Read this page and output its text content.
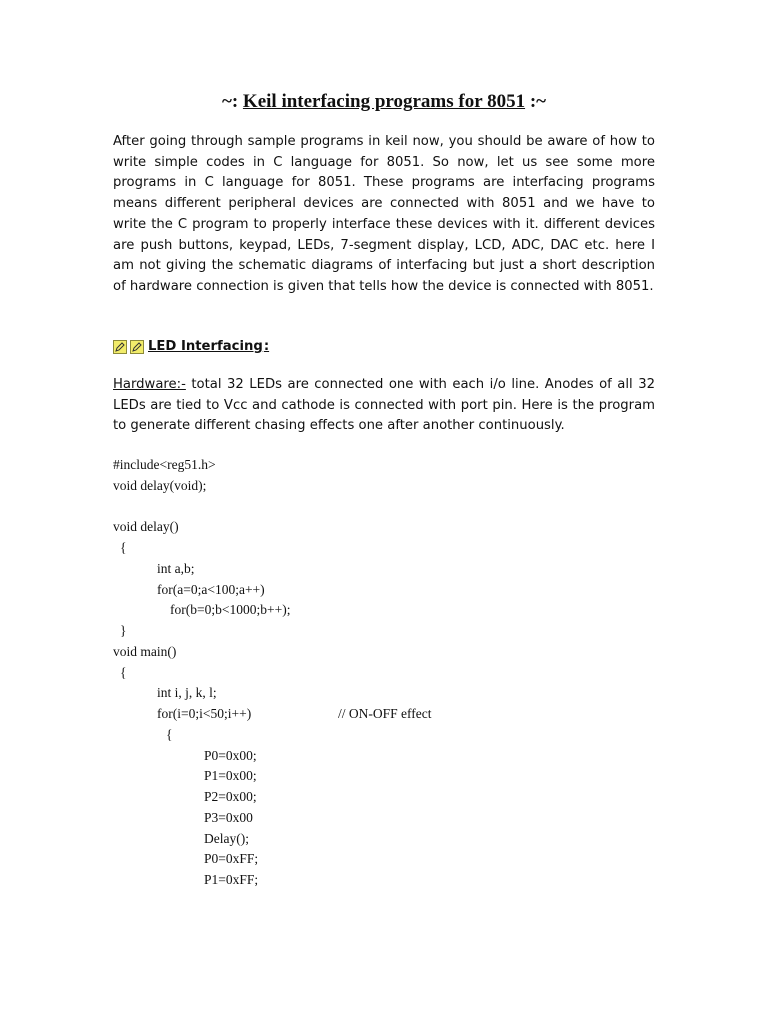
~: Keil interfacing programs for 8051 :~

After going through sample programs in keil now, you should be aware of how to write simple codes in C language for 8051. So now, let us see some more programs in C language for 8051. These programs are interfacing programs means different peripheral devices are connected with 8051 and we have to write the C program to properly interface these devices with it. different devices are push buttons, keypad, LEDs, 7-segment display, LCD, ADC, DAC etc. here I am not giving the schematic diagrams of interfacing but just a short description of hardware connection is given that tells how the device is connected with 8051.

LED Interfacing :

Hardware:- total 32 LEDs are connected one with each i/o line. Anodes of all 32 LEDs are tied to Vcc and cathode is connected with port pin. Here is the program to generate different chasing effects one after another continuously.

#include<reg51.h>
void delay(void);
void delay()
{
int a,b;
for(a=0;a<100;a++)
for(b=0;b<1000;b++);
}
void main()
{
int i, j, k, l;
for(i=0;i<50;i++)	// ON-OFF effect
{
P0=0x00;
P1=0x00;
P2=0x00;
P3=0x00
Delay();
P0=0xFF;
P1=0xFF;
